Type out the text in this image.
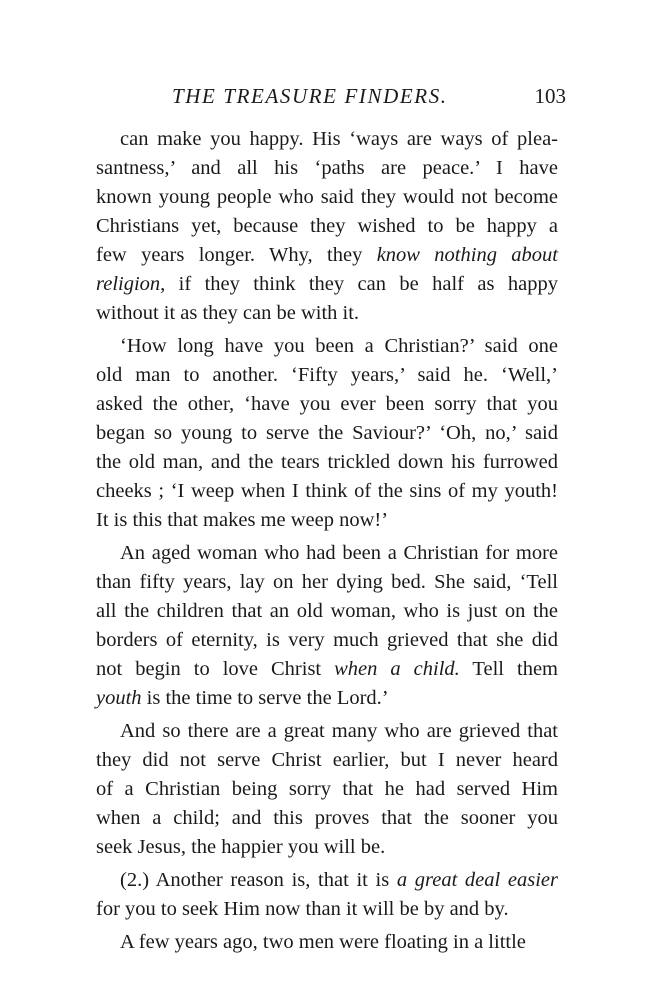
THE TREASURE FINDERS.	103
can make you happy. His ‘ways are ways of plea-
santness,’ and all his ‘paths are peace.’ I have
known young people who said they would not become
Christians yet, because they wished to be happy a
few years longer. Why, they know nothing about
religion, if they think they can be half as happy
without it as they can be with it.
‘How long have you been a Christian?’ said one
old man to another. ‘Fifty years,’ said he. ‘Well,’
asked the other, ‘have you ever been sorry that you
began so young to serve the Saviour?’ ‘Oh, no,’ said
the old man, and the tears trickled down his furrowed
cheeks ; ‘I weep when I think of the sins of my youth!
It is this that makes me weep now!’
An aged woman who had been a Christian for more
than fifty years, lay on her dying bed. She said, ‘Tell
all the children that an old woman, who is just on the
borders of eternity, is very much grieved that she did
not begin to love Christ when a child. Tell them
youth is the time to serve the Lord.’
And so there are a great many who are grieved that
they did not serve Christ earlier, but I never heard
of a Christian being sorry that he had served Him
when a child; and this proves that the sooner you
seek Jesus, the happier you will be.
(2.) Another reason is, that it is a great deal easier
for you to seek Him now than it will be by and by.
A few years ago, two men were floating in a little
